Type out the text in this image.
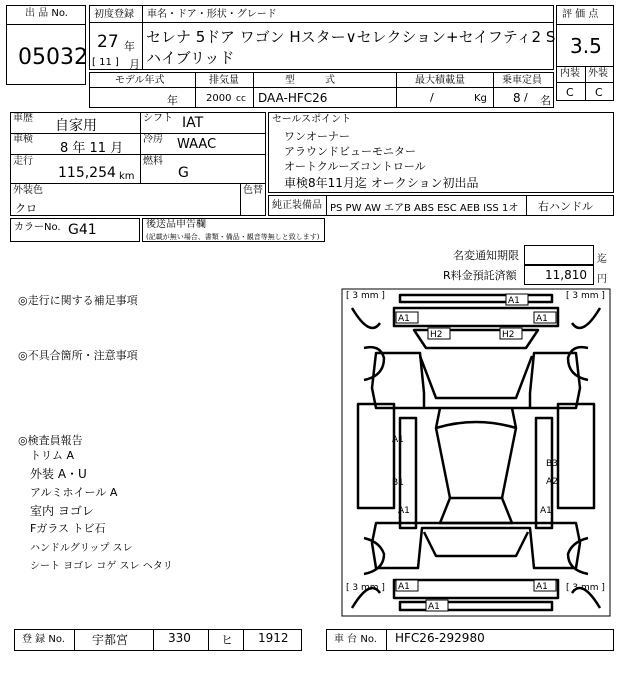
出 品 No.
05032
初度登録 車名・ドア・形状・グレード
27 年
[ 11 ] 月
セレナ 5ドア ワゴン Hスター∨セレクション+セイフティ2 S
ハイブリッド
評 価 点
3.5
内装 外装
C C
モデル年式	排気量	型　　　式	最大積載量	乗車定員
年	2000 cc DAA-HFC26	/	Kg 8 / 名
車歴 自家用	シフト IAT
車検
8 年 11 月
冷房 WAAC
走行
115,254 km
燃料
G
外装色
クロ
色替
セールスポイント
ワンオーナー
アラウンドビューモニター
オートクルーズコントロール
車検8年11月迄 オークション初出品
純正装備品 PS PW AW エアB ABS ESC AEB ISS 1オ 右ハンドル
カラーNo. G41	後送品申告欄
(記載が無い場合、書類・備品・観音等無しと致します)
名変通知期限	迄
R料金預託済額 11,810 円
◎走行に関する補足事項
◎不具合箇所・注意事項
◎検査員報告
トリム A
外装 A・U
アルミホイール A
室内 ヨゴレ
Fガラス トビ石
ハンドルグリップ スレ
シート ヨゴレ コゲ スレ ヘタリ
[ 3 mm ]	[ 3 mm ]
[ 3 mm ]	[ 3 mm ]
A1
A1	A1
H2	H2
A1
B1
A1
B3
A2
A1
A1	A1
A1
登 録 No. 宇都宮	330	ヒ 1912	車 台 No. HFC26-292980
